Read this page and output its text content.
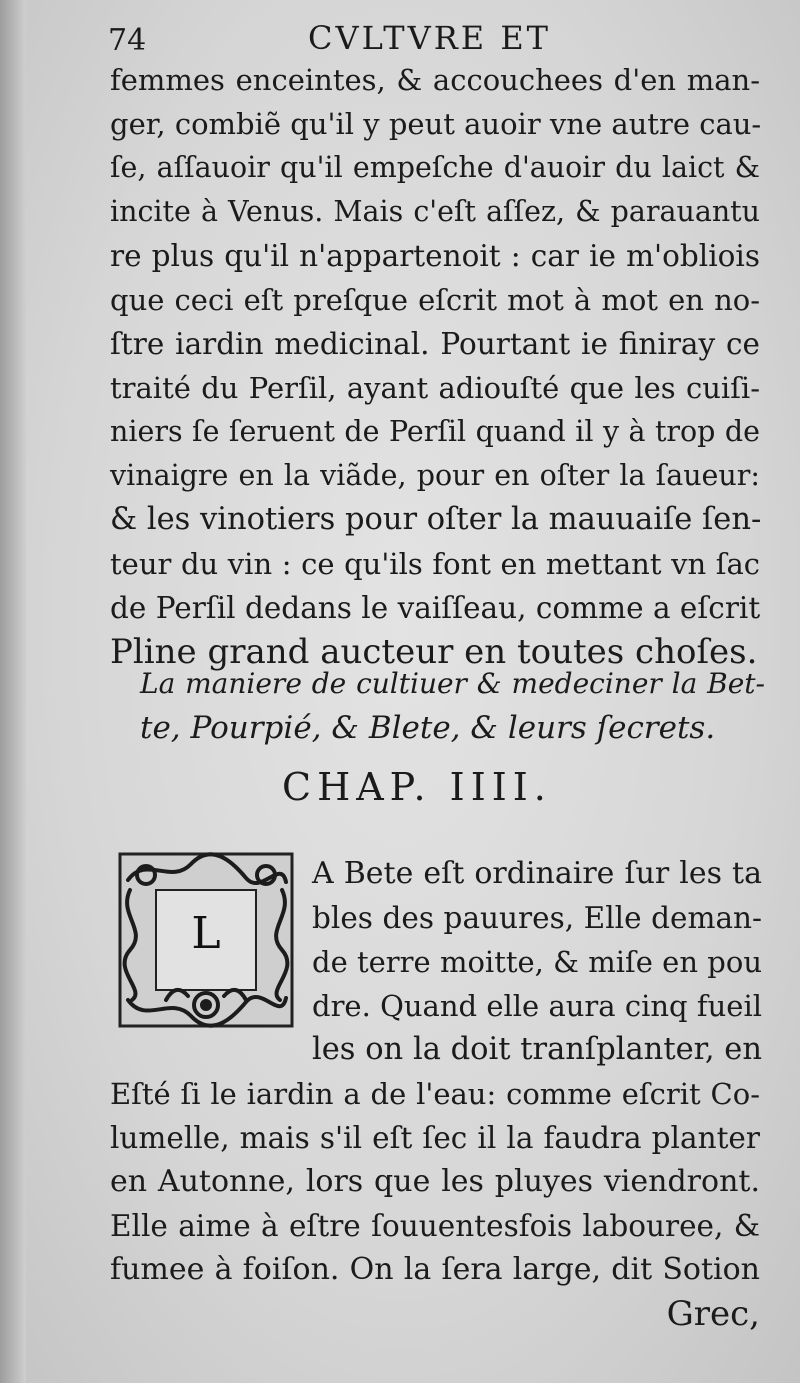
74	CVLTVRE ET
femmes enceintes, & accouchees d'en man-
ger, combiẽ qu'il y peut auoir vne autre cau-
ſe, aſſauoir qu'il empeſche d'auoir du laict &
incite à Venus. Mais c'eſt aſſez, & parauantu
re plus qu'il n'appartenoit : car ie m'obliois
que ceci eſt preſque eſcrit mot à mot en no-
ſtre iardin medicinal. Pourtant ie finiray ce
traité du Perſil, ayant adiouſté que les cuiſi-
niers ſe ſeruent de Perſil quand il y à trop de
vinaigre en la viãde, pour en oſter la ſaueur:
& les vinotiers pour oſter la mauuaiſe ſen-
teur du vin : ce qu'ils font en mettant vn ſac
de Perſil dedans le vaiſſeau, comme a eſcrit
Pline grand aucteur en toutes choſes.
La maniere de cultiuer & medeciner la Bet-
te, Pourpié, & Blete, & leurs ſecrets.
CHAP. IIII.
L
A Bete eſt ordinaire ſur les ta
bles des pauures, Elle deman-
de terre moitte, & miſe en pou
dre. Quand elle aura cinq fueil
les on la doit tranſplanter, en
Eſté ſi le iardin a de l'eau: comme eſcrit Co-
lumelle, mais s'il eſt ſec il la faudra planter
en Autonne, lors que les pluyes viendront.
Elle aime à eſtre ſouuentesfois labouree, &
fumee à foiſon. On la ſera large, dit Sotion
Grec,
